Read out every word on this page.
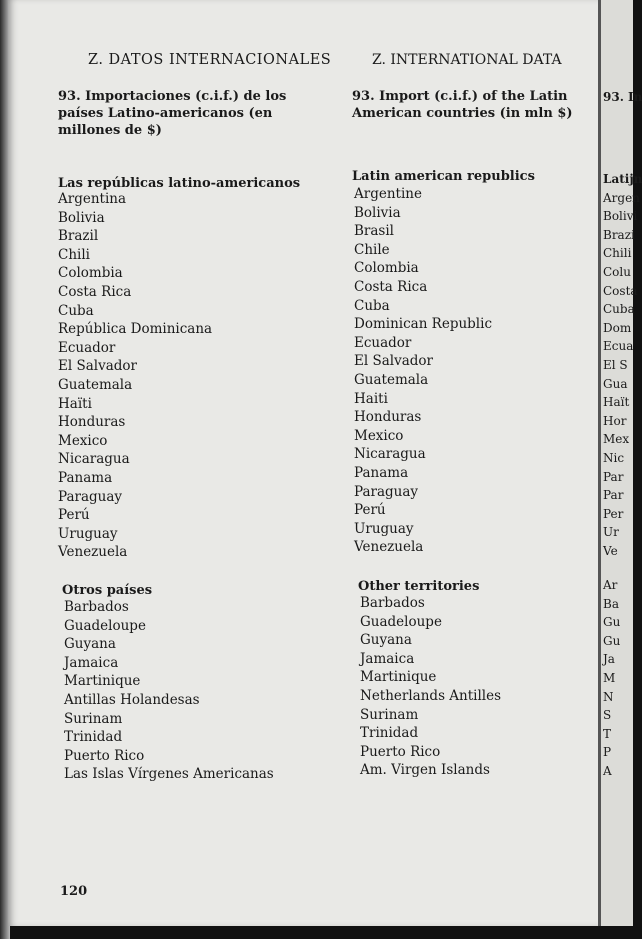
Z. DATOS INTERNACIONALES	Z. INTERNATIONAL DATA
93. Importaciones (c.i.f.) de los países Latino-americanos (en millones de $)
93. Import (c.i.f.) of the Latin American countries (in mln $)
Las repúblicas latino-americanos
Argentina
Bolivia
Brazil
Chili
Colombia
Costa Rica
Cuba
República Dominicana
Ecuador
El Salvador
Guatemala
Haïti
Honduras
Mexico
Nicaragua
Panama
Paraguay
Perú
Uruguay
Venezuela
Otros países
Barbados
Guadeloupe
Guyana
Jamaica
Martinique
Antillas Holandesas
Surinam
Trinidad
Puerto Rico
Las Islas Vírgenes Americanas
Latin american republics
Argentine
Bolivia
Brasil
Chile
Colombia
Costa Rica
Cuba
Dominican Republic
Ecuador
El Salvador
Guatemala
Haiti
Honduras
Mexico
Nicaragua
Panama
Paraguay
Perú
Uruguay
Venezuela
Other territories
Barbados
Guadeloupe
Guyana
Jamaica
Martinique
Netherlands Antilles
Surinam
Trinidad
Puerto Rico
Am. Virgen Islands
93. In
Latijn
Argen
Bolivi
Brazi
Chili
Colu
Costa
Cuba
Dom
Ecua
El S
Gua
Haït
Hor
Mex
Nic
Par
Par
Per
Ur
Ve
Ar
Ba
Gu
Gu
Ja
M
N
S
T
P
A
120
